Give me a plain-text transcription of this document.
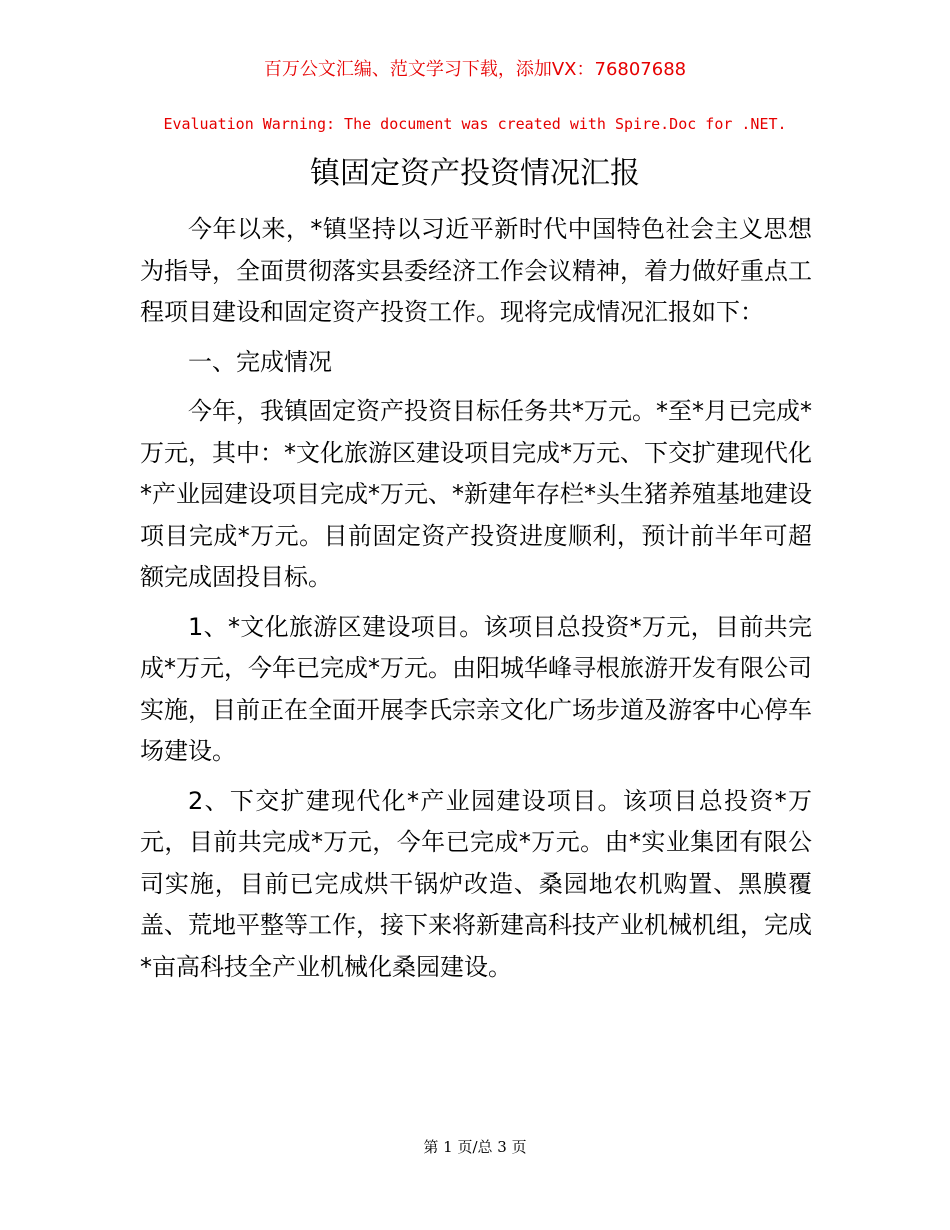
百万公文汇编、范文学习下载，添加VX：76807688
Evaluation Warning: The document was created with Spire.Doc for .NET.
镇固定资产投资情况汇报

今年以来，*镇坚持以习近平新时代中国特色社会主义思想为指导，全面贯彻落实县委经济工作会议精神，着力做好重点工程项目建设和固定资产投资工作。现将完成情况汇报如下：

一、完成情况

今年，我镇固定资产投资目标任务共*万元。*至*月已完成*万元，其中：*文化旅游区建设项目完成*万元、下交扩建现代化*产业园建设项目完成*万元、*新建年存栏*头生猪养殖基地建设项目完成*万元。目前固定资产投资进度顺利，预计前半年可超额完成固投目标。

1、*文化旅游区建设项目。该项目总投资*万元，目前共完成*万元，今年已完成*万元。由阳城华峰寻根旅游开发有限公司实施，目前正在全面开展李氏宗亲文化广场步道及游客中心停车场建设。

2、下交扩建现代化*产业园建设项目。该项目总投资*万元，目前共完成*万元，今年已完成*万元。由*实业集团有限公司实施，目前已完成烘干锅炉改造、桑园地农机购置、黑膜覆盖、荒地平整等工作，接下来将新建高科技产业机械机组，完成*亩高科技全产业机械化桑园建设。

第 1 页/总 3 页
